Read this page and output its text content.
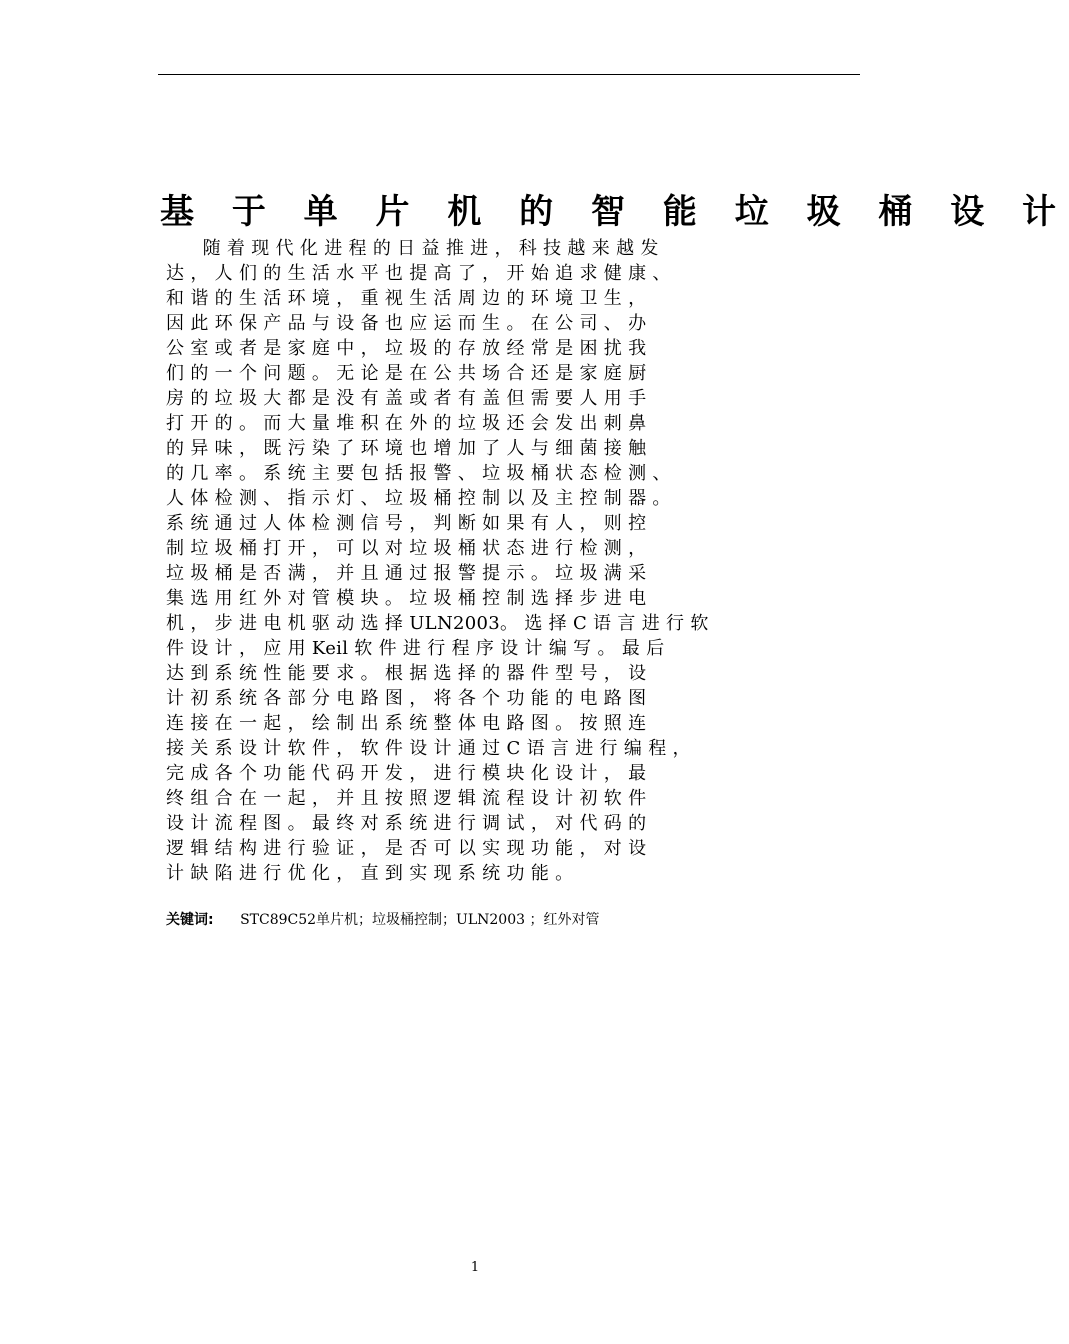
基 于 单 片 机 的 智 能 垃 圾 桶 设 计
　　随 着 现 代 化 进 程 的 日 益 推 进 ， 科 技 越 来 越 发
达 ， 人 们 的 生 活 水 平 也 提 高 了 ， 开 始 追 求 健 康 、
和 谐 的 生 活 环 境 ， 重 视 生 活 周 边 的 环 境 卫 生 ，
因 此 环 保 产 品 与 设 备 也 应 运 而 生 。 在 公 司 、 办
公 室 或 者 是 家 庭 中 ， 垃 圾 的 存 放 经 常 是 困 扰 我
们 的 一 个 问 题 。 无 论 是 在 公 共 场 合 还 是 家 庭 厨
房 的 垃 圾 大 都 是 没 有 盖 或 者 有 盖 但 需 要 人 用 手
打 开 的 。 而 大 量 堆 积 在 外 的 垃 圾 还 会 发 出 刺 鼻
的 异 味 ， 既 污 染 了 环 境 也 增 加 了 人 与 细 菌 接 触
的 几 率 。 系 统 主 要 包 括 报 警 、 垃 圾 桶 状 态 检 测 、
人 体 检 测 、 指 示 灯 、 垃 圾 桶 控 制 以 及 主 控 制 器 。
系 统 通 过 人 体 检 测 信 号 ， 判 断 如 果 有 人 ， 则 控
制 垃 圾 桶 打 开 ， 可 以 对 垃 圾 桶 状 态 进 行 检 测 ，
垃 圾 桶 是 否 满 ， 并 且 通 过 报 警 提 示 。 垃 圾 满 采
集 选 用 红 外 对 管 模 块 。 垃 圾 桶 控 制 选 择 步 进 电
机 ， 步 进 电 机 驱 动 选 择 ULN2003。 选 择 C 语 言 进 行 软
件 设 计 ， 应 用 Keil 软 件 进 行 程 序 设 计 编 写 。 最 后
达 到 系 统 性 能 要 求 。 根 据 选 择 的 器 件 型 号 ， 设
计 初 系 统 各 部 分 电 路 图 ， 将 各 个 功 能 的 电 路 图
连 接 在 一 起 ， 绘 制 出 系 统 整 体 电 路 图 。 按 照 连
接 关 系 设 计 软 件 ， 软 件 设 计 通 过 C 语 言 进 行 编 程 ，
完 成 各 个 功 能 代 码 开 发 ， 进 行 模 块 化 设 计 ， 最
终 组 合 在 一 起 ， 并 且 按 照 逻 辑 流 程 设 计 初 软 件
设 计 流 程 图 。 最 终 对 系 统 进 行 调 试 ， 对 代 码 的
逻 辑 结 构 进 行 验 证 ， 是 否 可 以 实 现 功 能 ， 对 设
计 缺 陷 进 行 优 化 ， 直 到 实 现 系 统 功 能 。
关键词: STC89C52单片机；垃圾桶控制；ULN2003 ；红外对管
1
